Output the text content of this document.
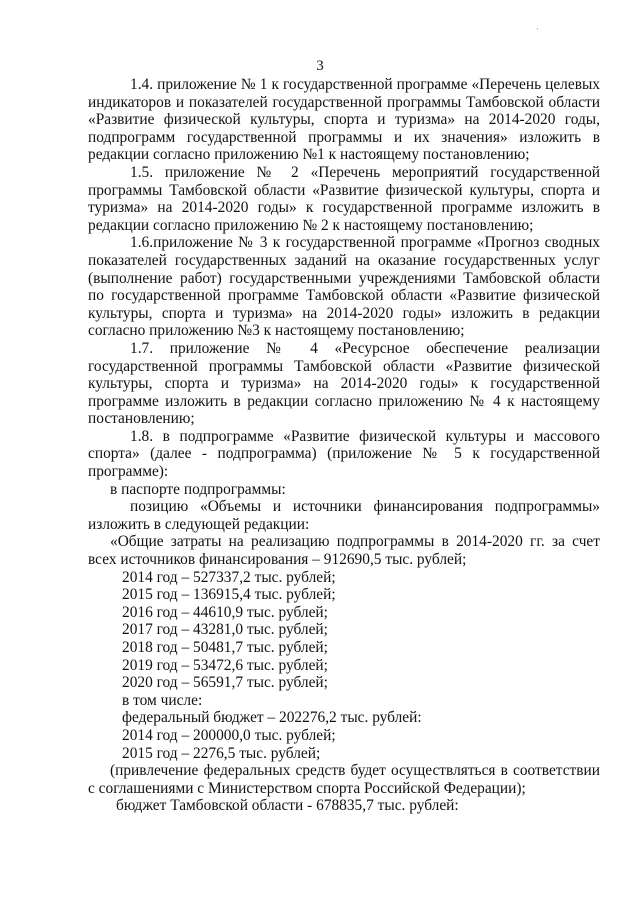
·
3

1.4. приложение № 1 к государственной программе «Перечень целевых индикаторов и показателей государственной программы Тамбовской области «Развитие физической культуры, спорта и туризма» на 2014-2020 годы, подпрограмм государственной программы и их значения» изложить в редакции согласно приложению №1 к настоящему постановлению;

1.5. приложение № 2 «Перечень мероприятий государственной программы Тамбовской области «Развитие физической культуры, спорта и туризма» на 2014-2020 годы» к государственной программе изложить в редакции согласно приложению № 2 к настоящему постановлению;

1.6.приложение № 3 к государственной программе «Прогноз сводных показателей государственных заданий на оказание государственных услуг (выполнение работ) государственными учреждениями Тамбовской области по государственной программе Тамбовской области «Развитие физической культуры, спорта и туризма» на 2014-2020 годы» изложить в редакции согласно приложению №3 к настоящему постановлению;

1.7. приложение № 4 «Ресурсное обеспечение реализации государственной программы Тамбовской области «Развитие физической культуры, спорта и туризма» на 2014-2020 годы» к государственной программе изложить в редакции согласно приложению № 4 к настоящему постановлению;

1.8. в подпрограмме «Развитие физической культуры и массового спорта» (далее - подпрограмма) (приложение № 5 к государственной программе):

в паспорте подпрограммы:

позицию «Объемы и источники финансирования подпрограммы» изложить в следующей редакции:

«Общие затраты на реализацию подпрограммы в 2014-2020 гг. за счет всех источников финансирования – 912690,5 тыс. рублей;

2014 год – 527337,2 тыс. рублей;

2015 год – 136915,4 тыс. рублей;

2016 год – 44610,9 тыс. рублей;

2017 год – 43281,0 тыс. рублей;

2018 год – 50481,7 тыс. рублей;

2019 год – 53472,6 тыс. рублей;

2020 год – 56591,7 тыс. рублей;

в том числе:

федеральный бюджет – 202276,2 тыс. рублей:

2014 год – 200000,0 тыс. рублей;

2015 год – 2276,5 тыс. рублей;

(привлечение федеральных средств будет осуществляться в соответствии с соглашениями с Министерством спорта Российской Федерации);

бюджет Тамбовской области - 678835,7 тыс. рублей:
